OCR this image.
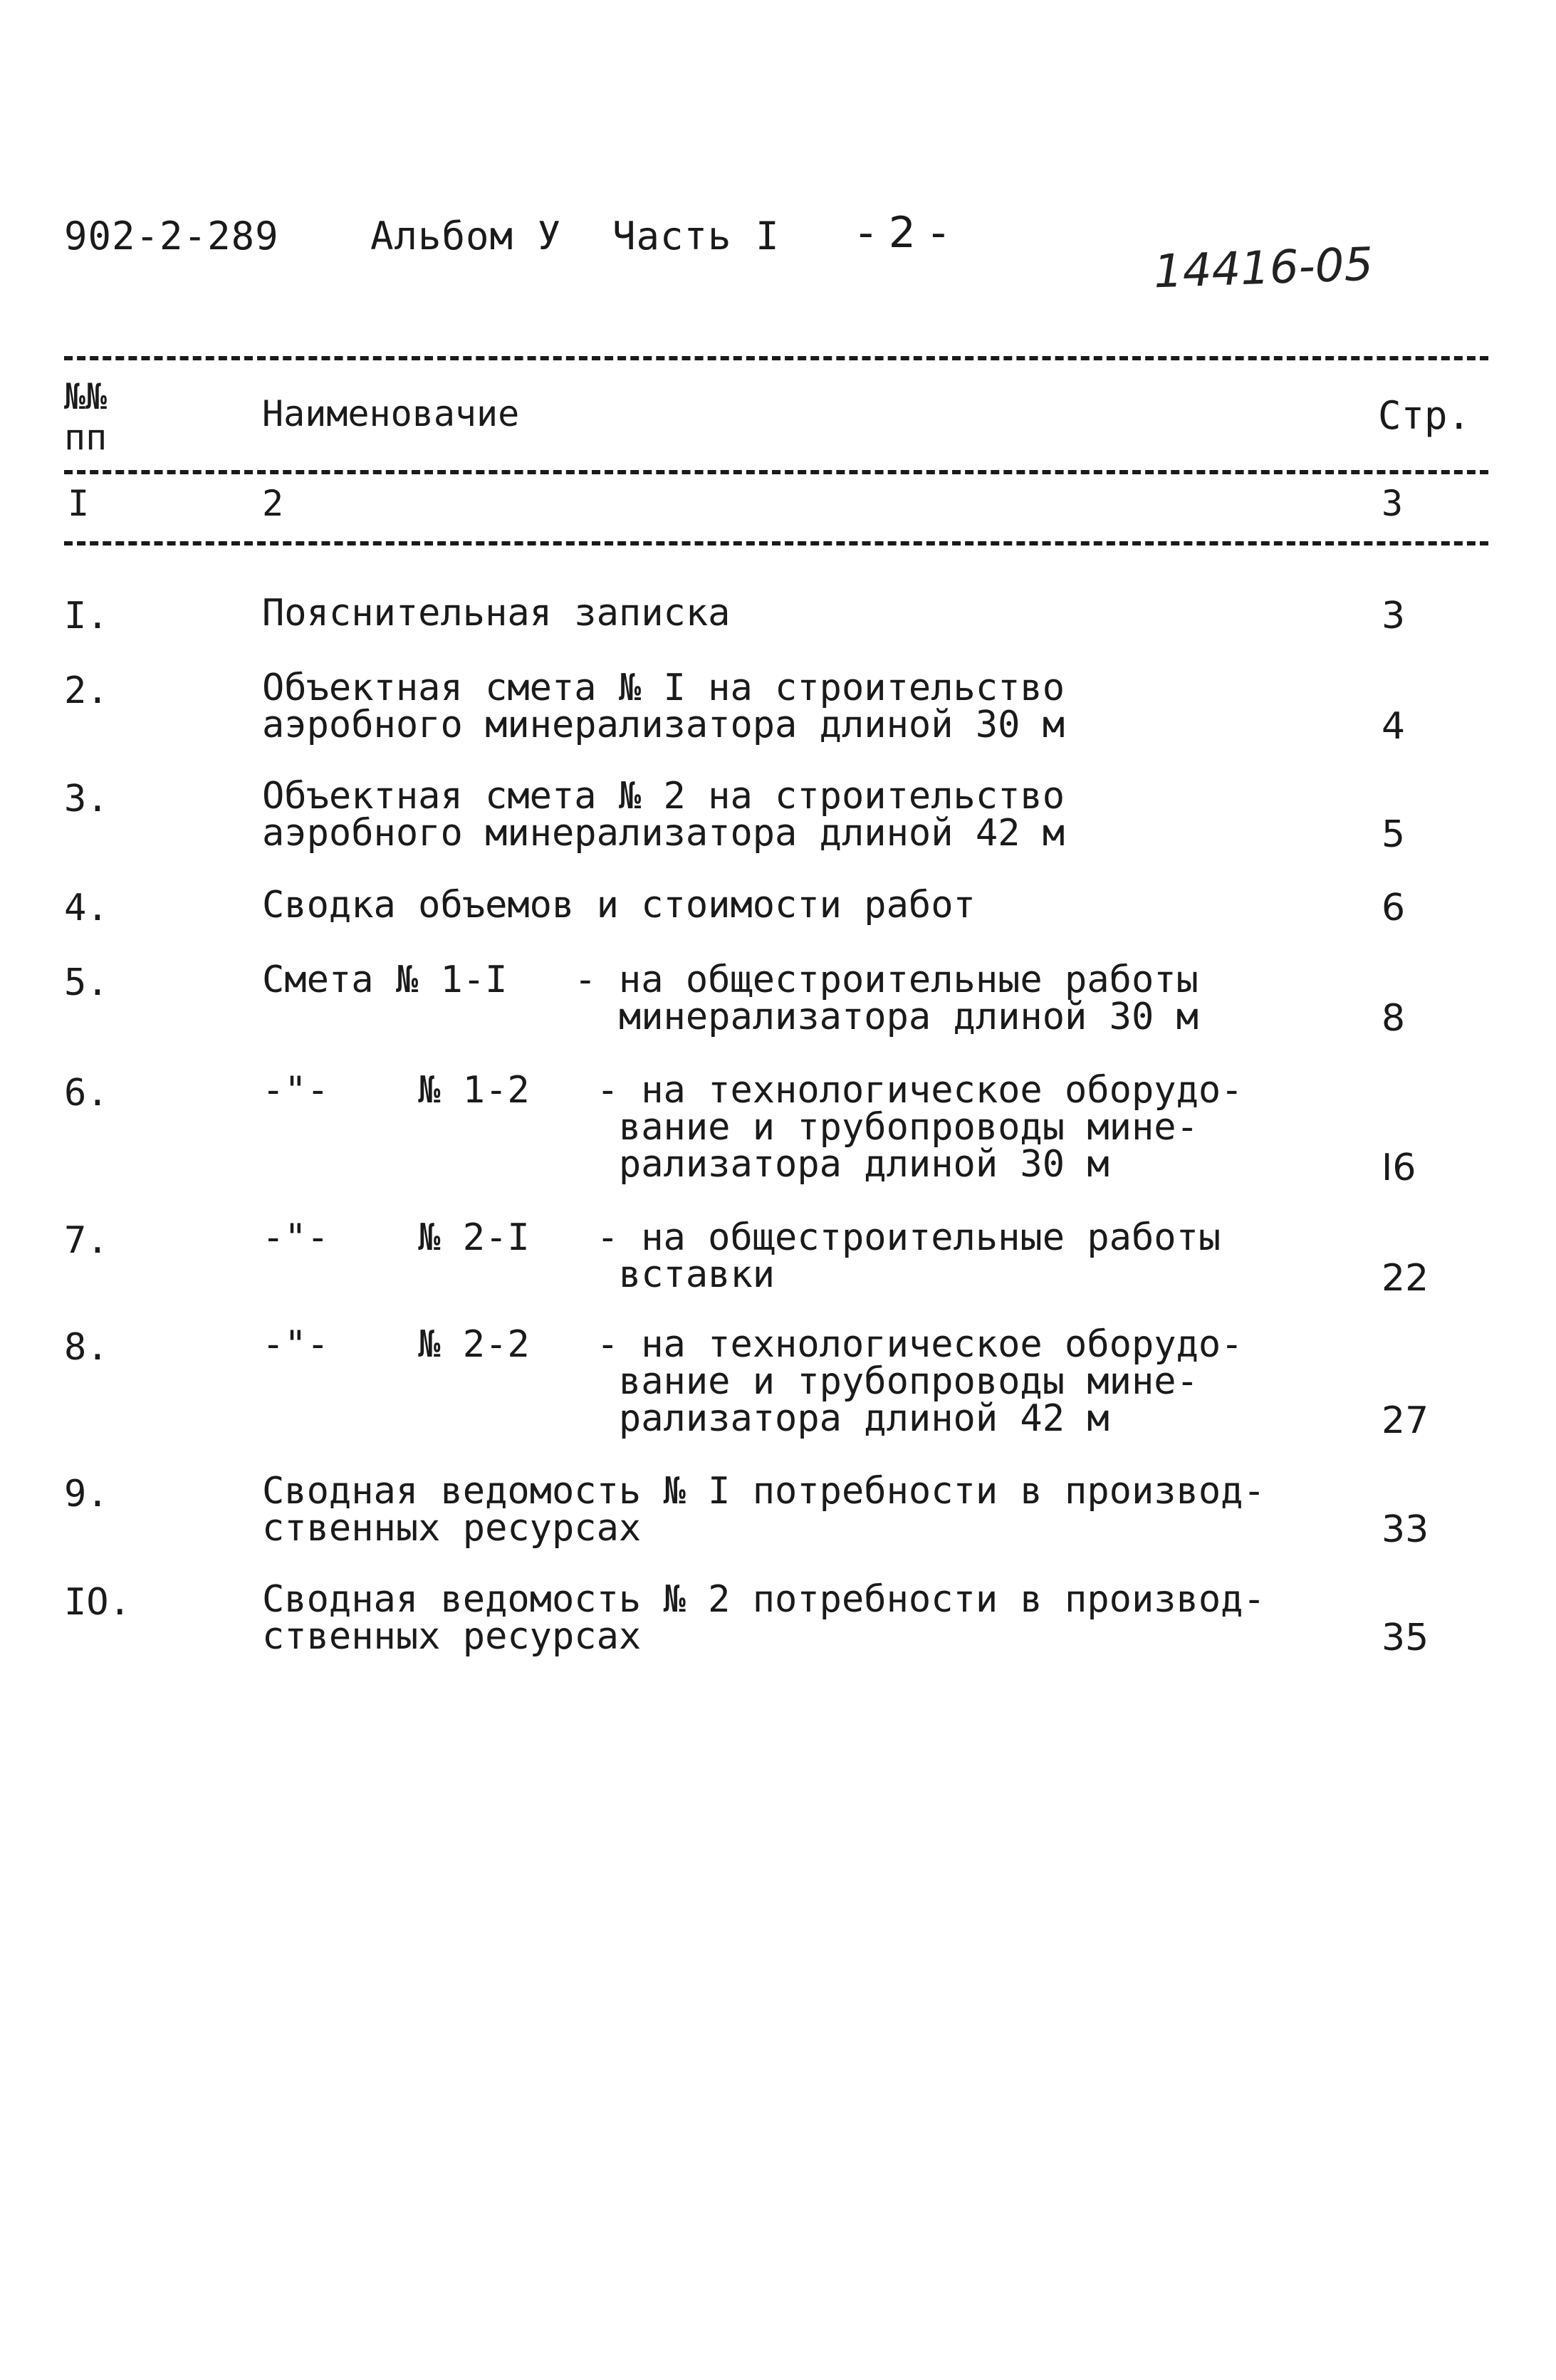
902-2-289 Альбом У Часть I - 2 -
14416-05
№№
пп
Наименовачие	Стр.
I	2	3
I.	Пояснительная записка	3
2.	Объектная смета № I на строительство
аэробного минерализатора длиной 30 м	4
3.	Объектная смета № 2 на строительство
аэробного минерализатора длиной 42 м	5
4.	Сводка объемов и стоимости работ	6
5.	Смета № 1-I   - на общестроительные работы
минерализатора длиной 30 м	8
6.	-"-    № 1-2   - на технологическое оборудо-
вание и трубопроводы мине-
рализатора длиной 30 м	I6
7.	-"-    № 2-I   - на общестроительные работы
вставки	22
8.	-"-    № 2-2   - на технологическое оборудо-
вание и трубопроводы мине-
рализатора длиной 42 м	27
9.	Сводная ведомость № I потребности в производ-
ственных ресурсах	33
IO.	Сводная ведомость № 2 потребности в производ-
ственных ресурсах	35
